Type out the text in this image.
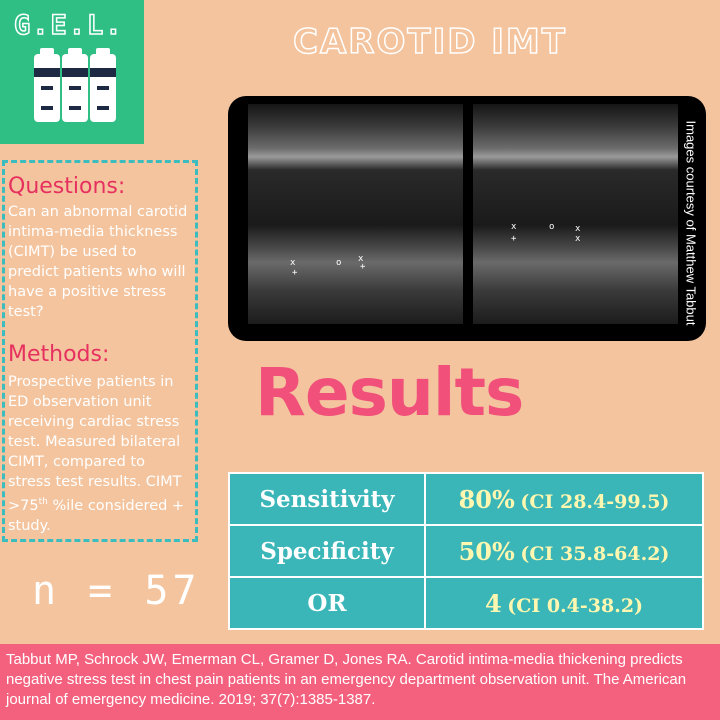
G.E.L.	CAROTID IMT
x
+
o +
x
x
+
o x
x	Images courtesy of Matthew Tabbut
Questions:
Can an abnormal carotid intima-media thickness (CIMT) be used to predict patients who will have a positive stress test?
Methods:
Prospective patients in ED observation unit receiving cardiac stress test. Measured bilateral CIMT, compared to stress test results. CIMT >75th %ile considered + study.
n = 57
Results
Sensitivity	80% (CI 28.4-99.5)
Specificity	50% (CI 35.8-64.2)
OR	4 (CI 0.4-38.2)
Tabbut MP, Schrock JW, Emerman CL, Gramer D, Jones RA. Carotid intima-media thickening predicts negative stress test in chest pain patients in an emergency department observation unit. The American journal of emergency medicine. 2019; 37(7):1385-1387.
